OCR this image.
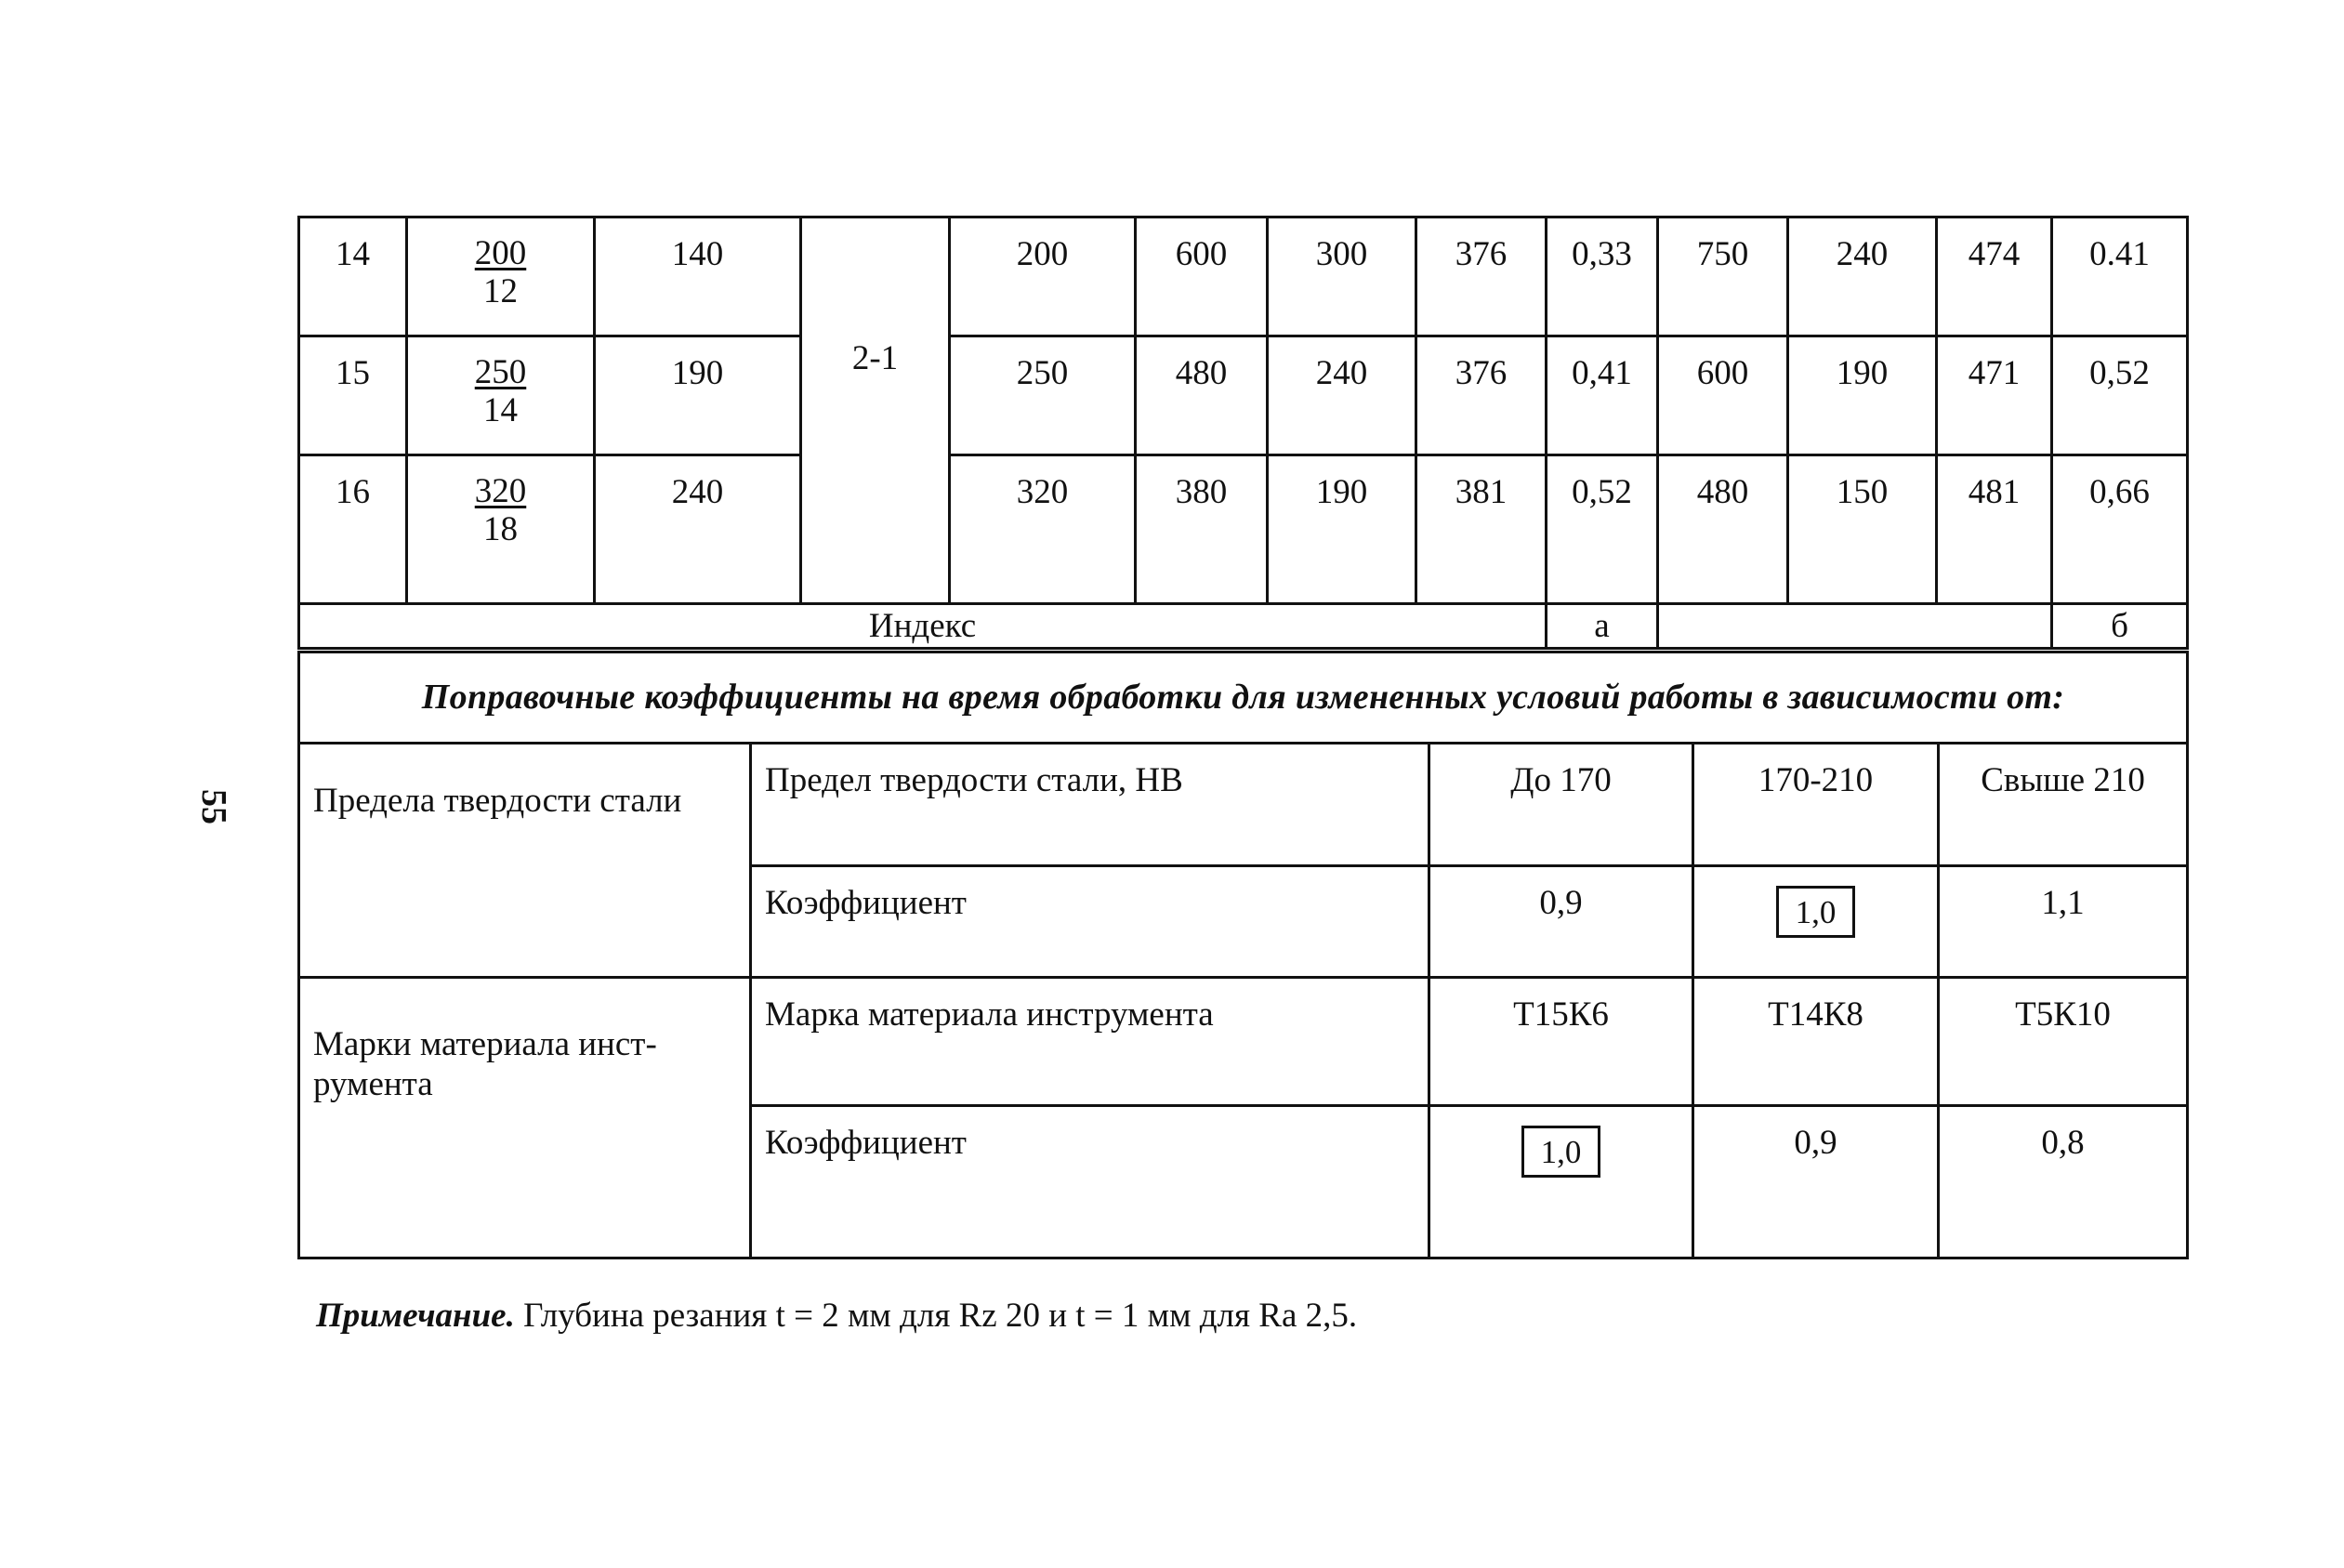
55
14	$\frac{200}{12}$	140	2-1	200	600	300	376	0,33	750	240	474	0.41
15	$\frac{250}{14}$	190		250	480	240	376	0,41	600	190	471	0,52
16	$\frac{320}{18}$	240		320	380	190	381	0,52	480	150	481	0,66
Индекс								а				б
Поправочные коэффициенты на время обработки для измененных условий работы в зависимости от:				
Предела твердости стали	Предел твердости стали, НВ	До 170	170-210	Свыше 210
	Коэффициент	0,9	1,0	1,1
Марки материала инст-румента	Марка материала инструмента	Т15К6	Т14К8	Т5К10
	Коэффициент	1,0	0,9	0,8
Примечание. Глубина резания t = 2 мм для Rz 20 и t = 1 мм для Ra 2,5.
